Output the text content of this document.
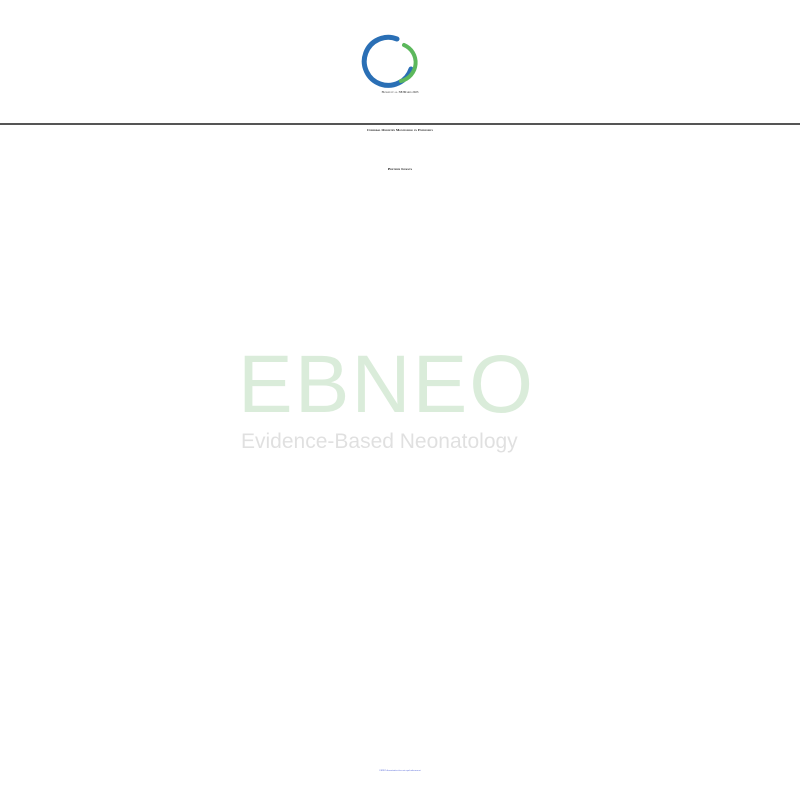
Hansen et al. NEJM Apr 2023
EBNEO
Evidence-Based Neonatology
Cerebral Oximetry Monitoring in Extremely
Preterm Infants
EBNEO dissemination does not equal endorsement
